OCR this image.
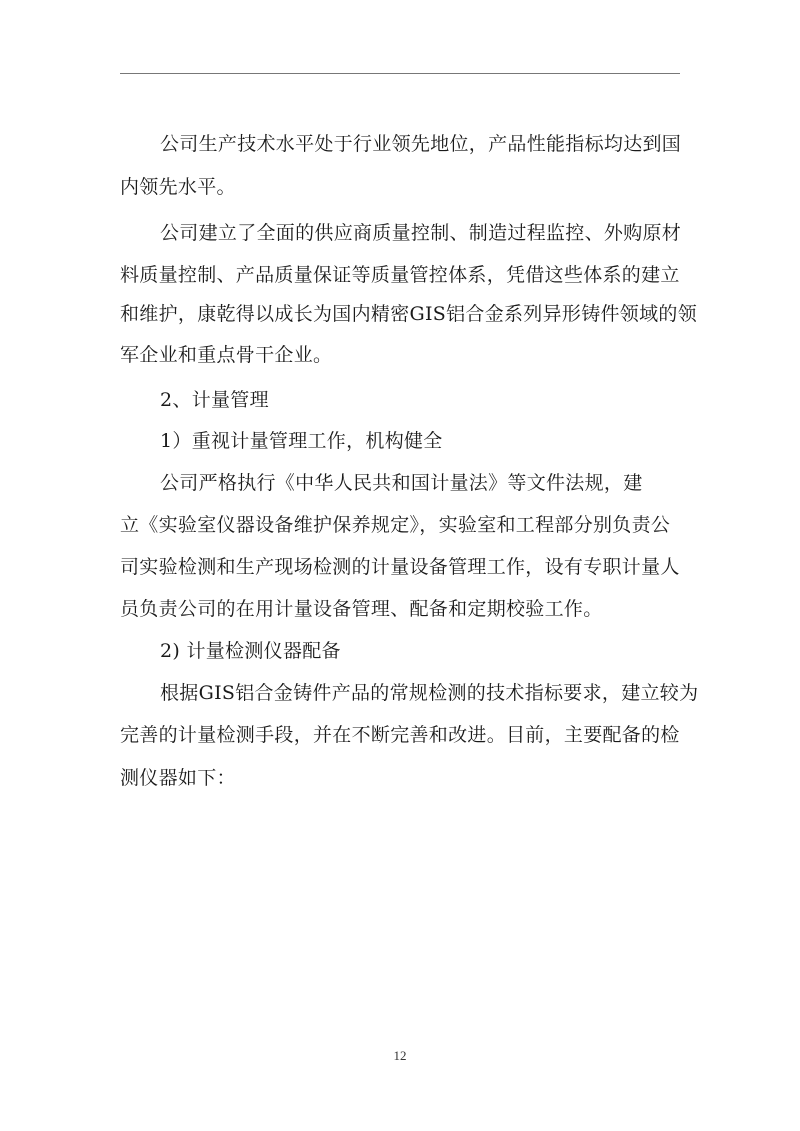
公司生产技术水平处于行业领先地位，产品性能指标均达到国
内领先水平。
公司建立了全面的供应商质量控制、制造过程监控、外购原材
料质量控制、产品质量保证等质量管控体系，凭借这些体系的建立
和维护，康乾得以成长为国内精密GIS铝合金系列异形铸件领域的领
军企业和重点骨干企业。
2、计量管理
1）重视计量管理工作，机构健全
公司严格执行《中华人民共和国计量法》等文件法规，建
立《实验室仪器设备维护保养规定》，实验室和工程部分别负责公
司实验检测和生产现场检测的计量设备管理工作，设有专职计量人
员负责公司的在用计量设备管理、配备和定期校验工作。
2) 计量检测仪器配备
根据GIS铝合金铸件产品的常规检测的技术指标要求，建立较为
完善的计量检测手段，并在不断完善和改进。目前，主要配备的检
测仪器如下：
12
